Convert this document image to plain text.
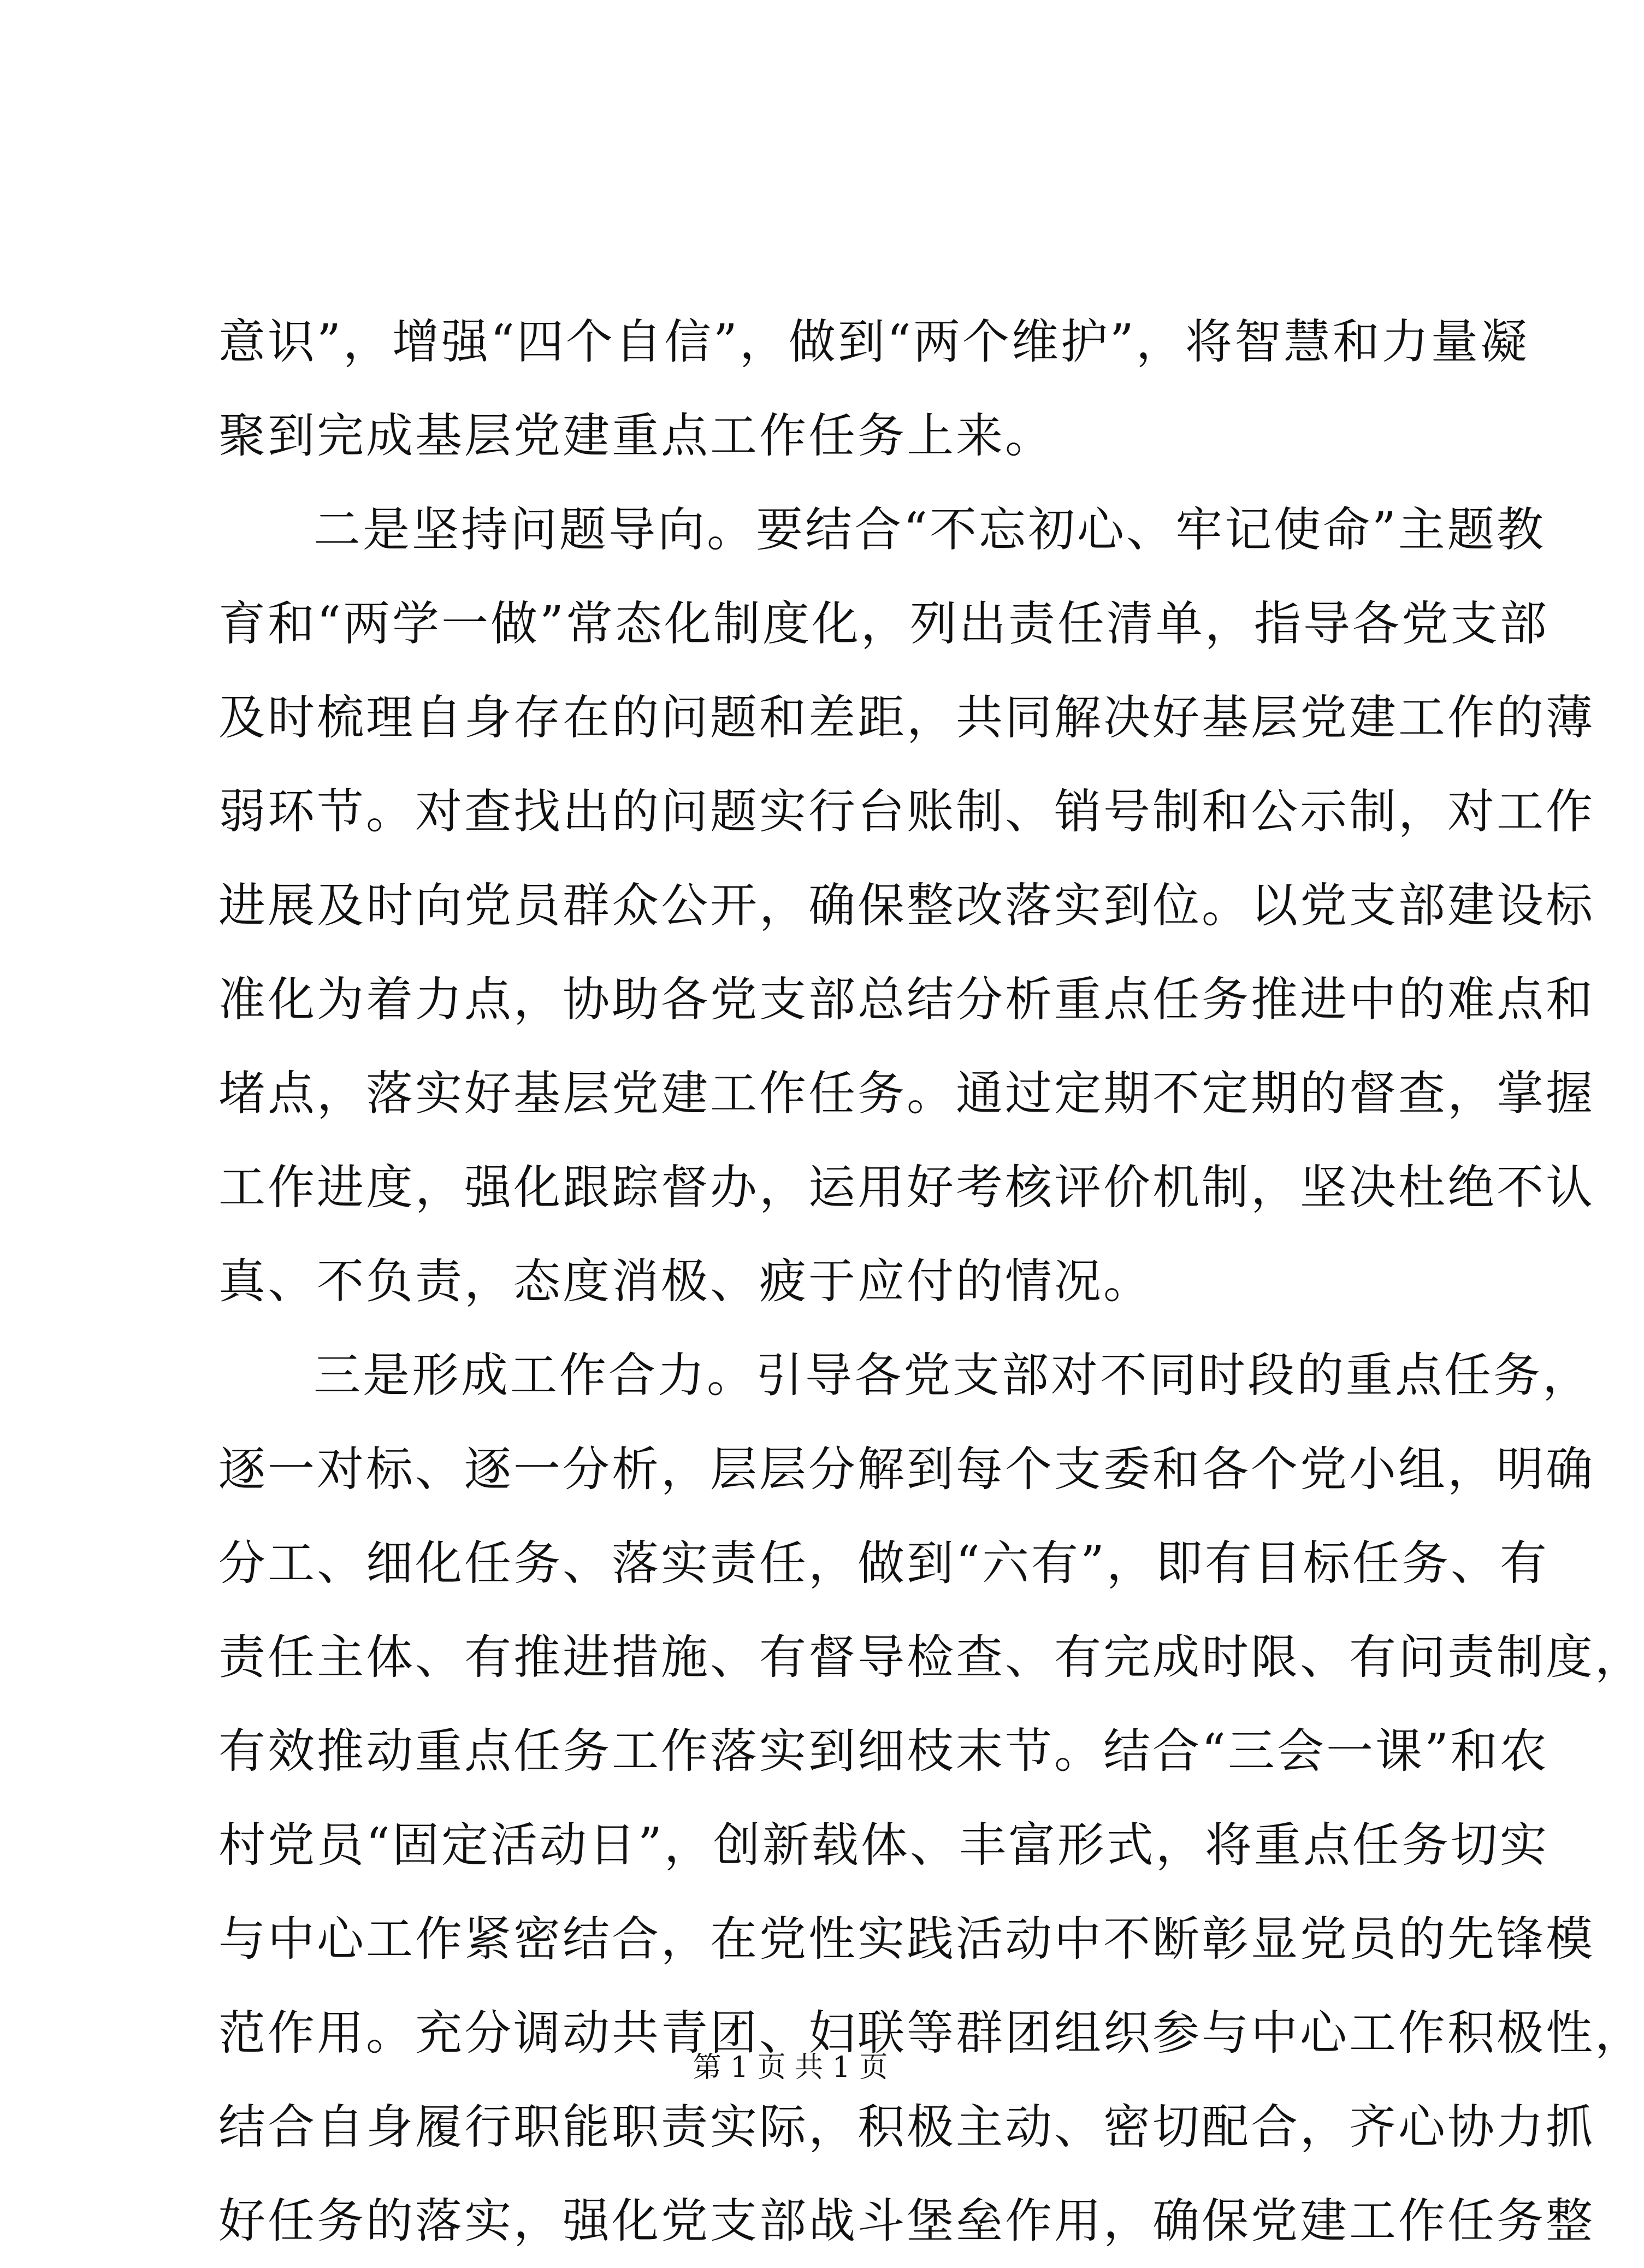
意识”，增强“四个自信”，做到“两个维护”，将智慧和力量凝
聚到完成基层党建重点工作任务上来。
二是坚持问题导向。要结合“不忘初心、牢记使命”主题教
育和“两学一做”常态化制度化，列出责任清单，指导各党支部
及时梳理自身存在的问题和差距，共同解决好基层党建工作的薄
弱环节。对查找出的问题实行台账制、销号制和公示制，对工作
进展及时向党员群众公开，确保整改落实到位。以党支部建设标
准化为着力点，协助各党支部总结分析重点任务推进中的难点和
堵点，落实好基层党建工作任务。通过定期不定期的督查，掌握
工作进度，强化跟踪督办，运用好考核评价机制，坚决杜绝不认
真、不负责，态度消极、疲于应付的情况。
三是形成工作合力。引导各党支部对不同时段的重点任务，
逐一对标、逐一分析，层层分解到每个支委和各个党小组，明确
分工、细化任务、落实责任，做到“六有”，即有目标任务、有
责任主体、有推进措施、有督导检查、有完成时限、有问责制度，
有效推动重点任务工作落实到细枝末节。结合“三会一课”和农
村党员“固定活动日”，创新载体、丰富形式，将重点任务切实
与中心工作紧密结合，在党性实践活动中不断彰显党员的先锋模
范作用。充分调动共青团、妇联等群团组织参与中心工作积极性，
结合自身履行职能职责实际，积极主动、密切配合，齐心协力抓
好任务的落实，强化党支部战斗堡垒作用，确保党建工作任务整
第 1 页 共 1 页
